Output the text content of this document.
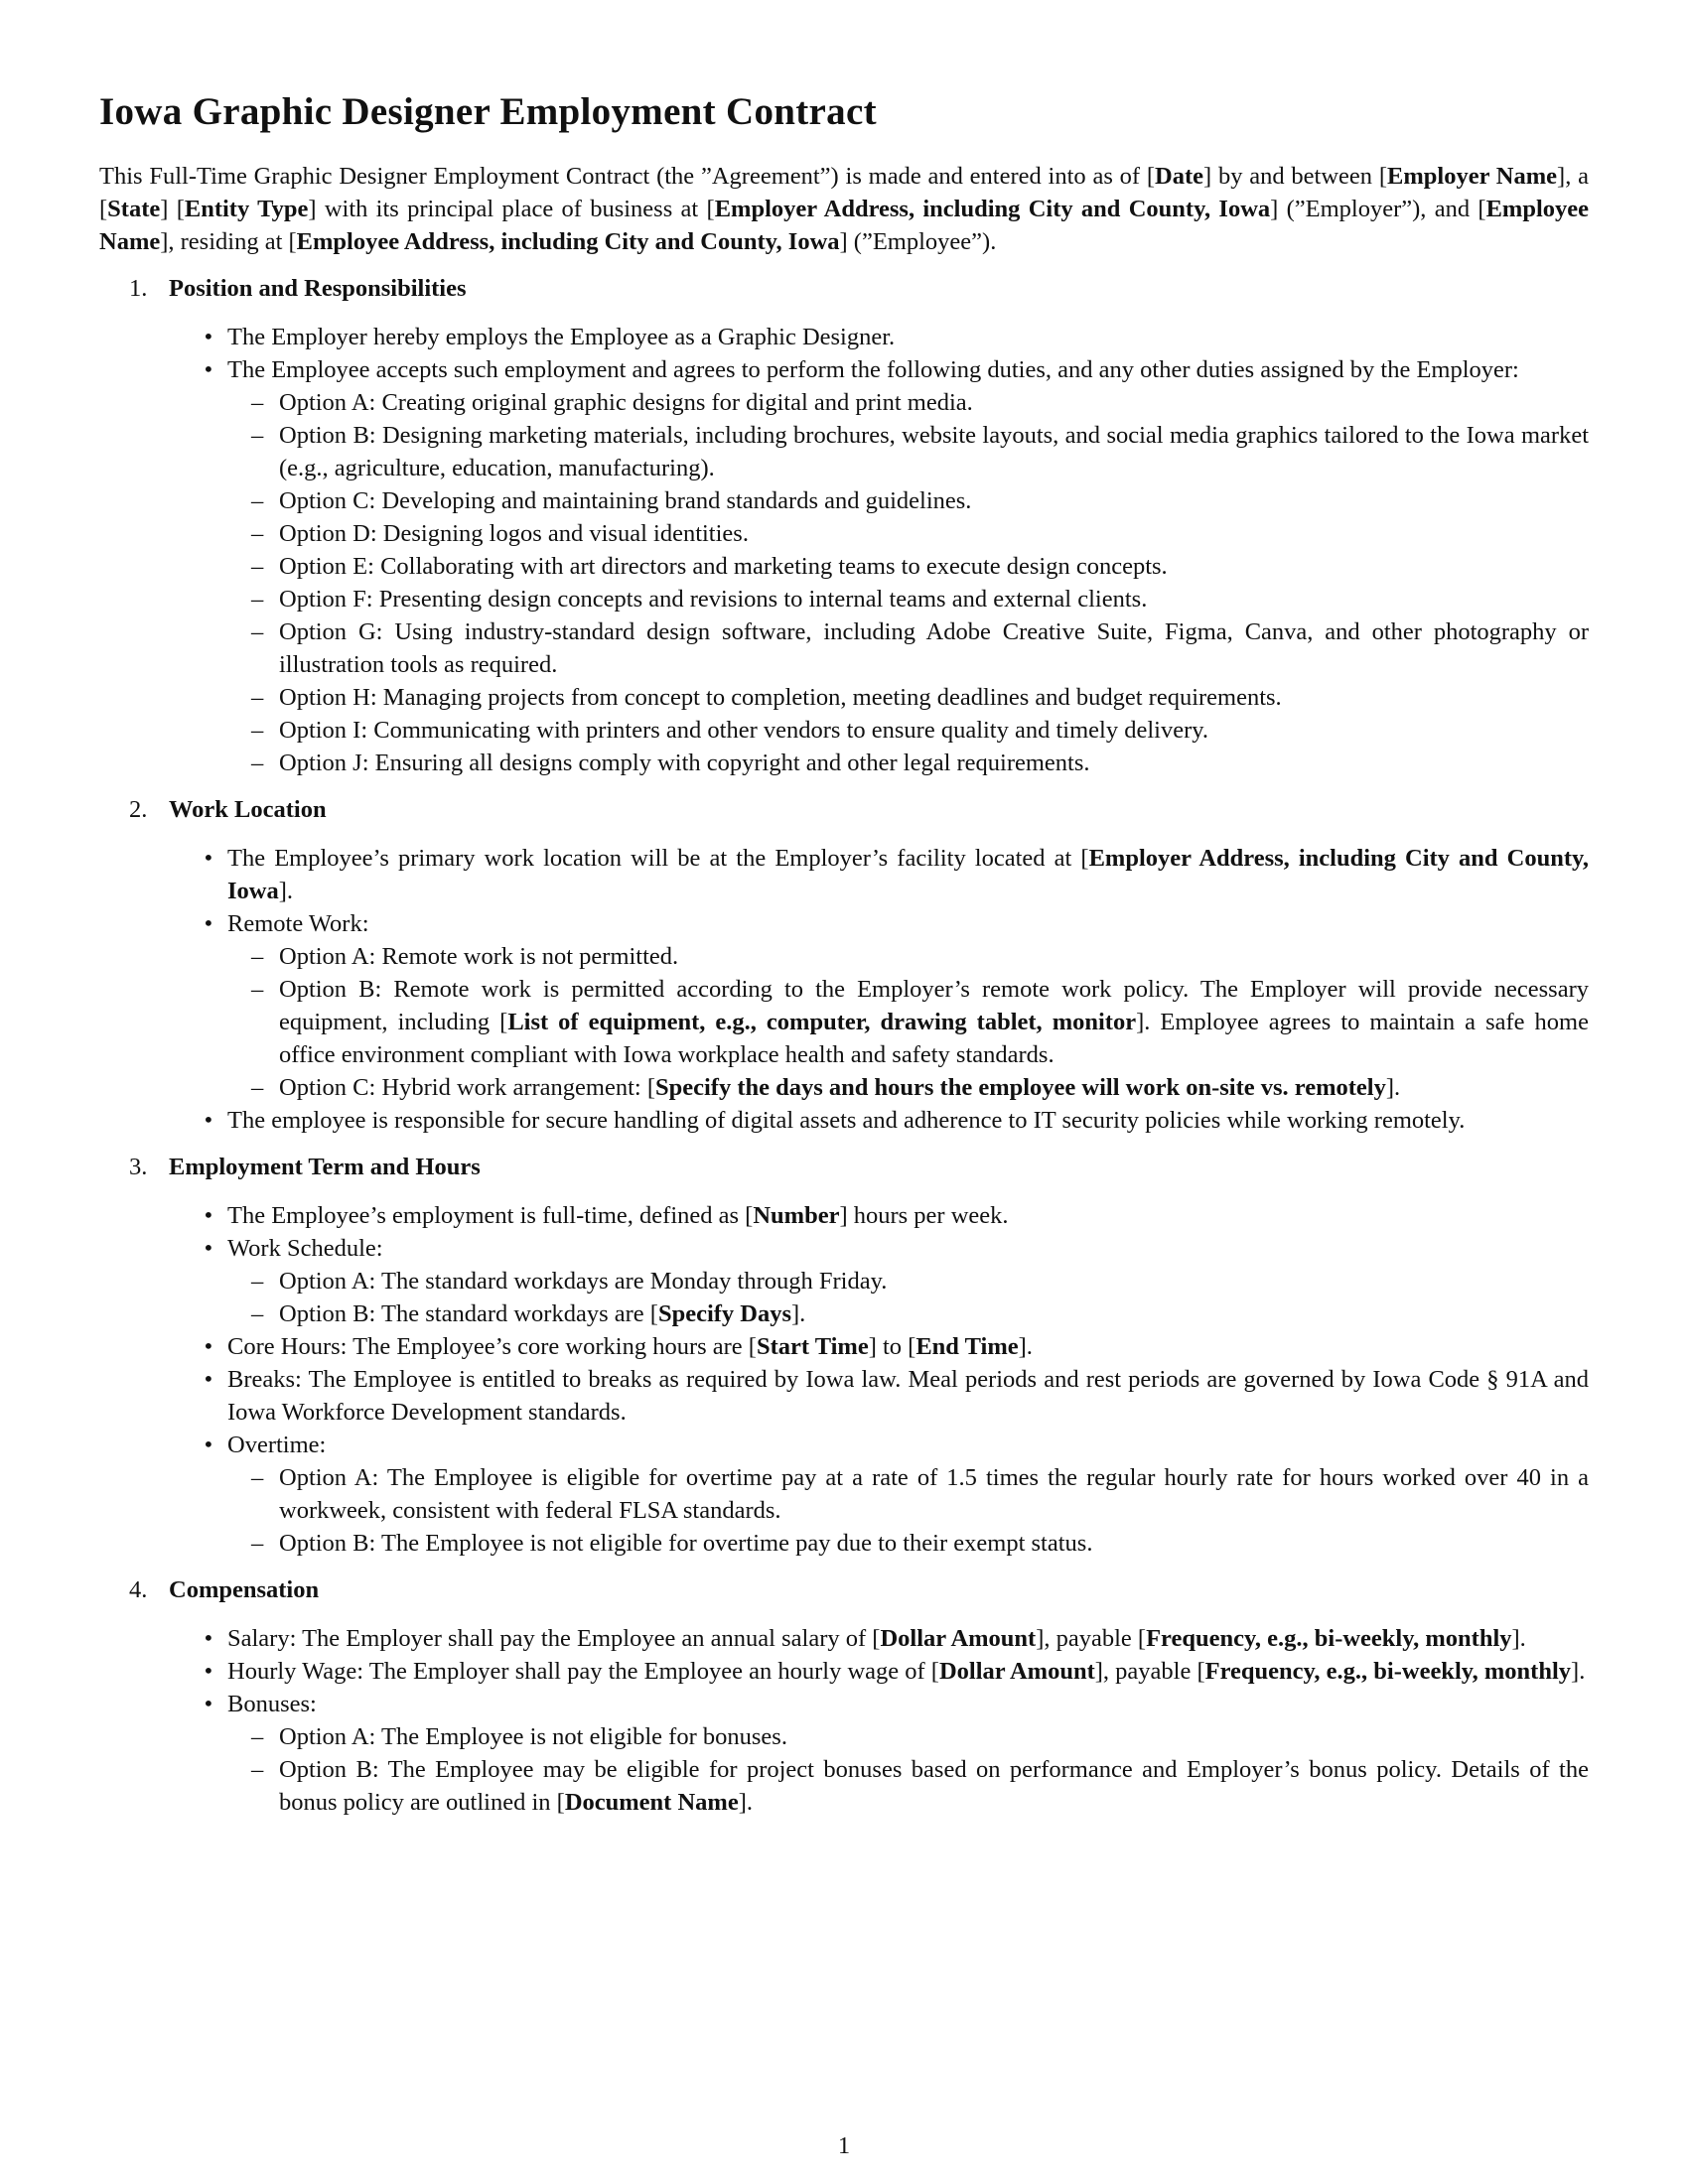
Iowa Graphic Designer Employment Contract

This Full-Time Graphic Designer Employment Contract (the ”Agreement”) is made and entered into as of [Date] by and between [Employer Name], a [State] [Entity Type] with its principal place of business at [Employer Address, including City and County, Iowa] (”Employer”), and [Employee Name], residing at [Employee Address, including City and County, Iowa] (”Employee”).

1. Position and Responsibilities
• The Employer hereby employs the Employee as a Graphic Designer.
• The Employee accepts such employment and agrees to perform the following duties, and any other duties assigned by the Employer:
– Option A: Creating original graphic designs for digital and print media.
– Option B: Designing marketing materials, including brochures, website layouts, and social media graphics tailored to the Iowa market (e.g., agriculture, education, manufacturing).
– Option C: Developing and maintaining brand standards and guidelines.
– Option D: Designing logos and visual identities.
– Option E: Collaborating with art directors and marketing teams to execute design concepts.
– Option F: Presenting design concepts and revisions to internal teams and external clients.
– Option G: Using industry-standard design software, including Adobe Creative Suite, Figma, Canva, and other photography or illustration tools as required.
– Option H: Managing projects from concept to completion, meeting deadlines and budget requirements.
– Option I: Communicating with printers and other vendors to ensure quality and timely delivery.
– Option J: Ensuring all designs comply with copyright and other legal requirements.
2. Work Location
• The Employee’s primary work location will be at the Employer’s facility located at [Employer Address, including City and County, Iowa].
• Remote Work:
– Option A: Remote work is not permitted.
– Option B: Remote work is permitted according to the Employer’s remote work policy. The Employer will provide necessary equipment, including [List of equipment, e.g., computer, drawing tablet, monitor]. Employee agrees to maintain a safe home office environment compliant with Iowa workplace health and safety standards.
– Option C: Hybrid work arrangement: [Specify the days and hours the employee will work on-site vs. remotely].
• The employee is responsible for secure handling of digital assets and adherence to IT security policies while working remotely.
3. Employment Term and Hours
• The Employee’s employment is full-time, defined as [Number] hours per week.
• Work Schedule:
– Option A: The standard workdays are Monday through Friday.
– Option B: The standard workdays are [Specify Days].
• Core Hours: The Employee’s core working hours are [Start Time] to [End Time].
• Breaks: The Employee is entitled to breaks as required by Iowa law. Meal periods and rest periods are governed by Iowa Code § 91A and Iowa Workforce Development standards.
• Overtime:
– Option A: The Employee is eligible for overtime pay at a rate of 1.5 times the regular hourly rate for hours worked over 40 in a workweek, consistent with federal FLSA standards.
– Option B: The Employee is not eligible for overtime pay due to their exempt status.
4. Compensation
• Salary: The Employer shall pay the Employee an annual salary of [Dollar Amount], payable [Frequency, e.g., bi-weekly, monthly].
• Hourly Wage: The Employer shall pay the Employee an hourly wage of [Dollar Amount], payable [Frequency, e.g., bi-weekly, monthly].
• Bonuses:
– Option A: The Employee is not eligible for bonuses.
– Option B: The Employee may be eligible for project bonuses based on performance and Employer’s bonus policy. Details of the bonus policy are outlined in [Document Name].
1
